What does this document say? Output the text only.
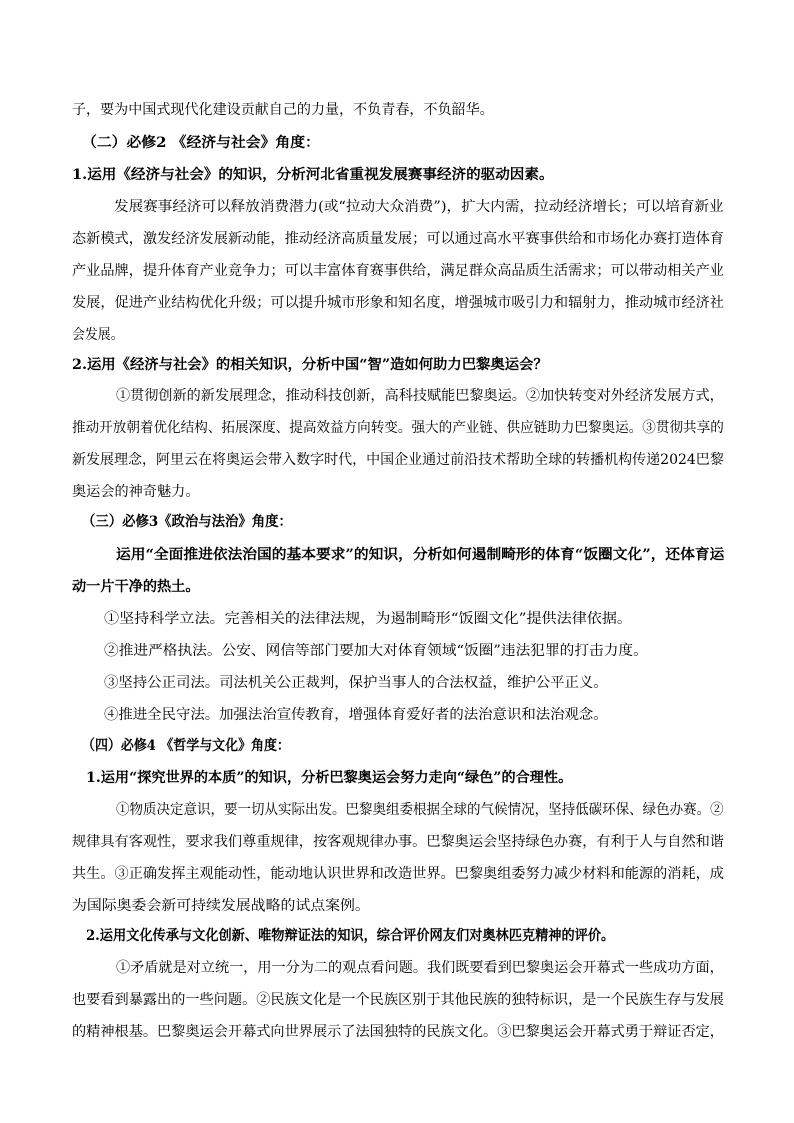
子，要为中国式现代化建设贡献自己的力量，不负青春，不负韶华。
（二）必修2 《经济与社会》角度：
1.运用《经济与社会》的知识，分析河北省重视发展赛事经济的驱动因素。
发展赛事经济可以释放消费潜力(或“拉动大众消费”)，扩大内需，拉动经济增长；可以培育新业
态新模式，激发经济发展新动能，推动经济高质量发展；可以通过高水平赛事供给和市场化办赛打造体育
产业品牌，提升体育产业竞争力；可以丰富体育赛事供给，满足群众高品质生活需求；可以带动相关产业
发展，促进产业结构优化升级；可以提升城市形象和知名度，增强城市吸引力和辐射力，推动城市经济社
会发展。
2.运用《经济与社会》的相关知识，分析中国“智”造如何助力巴黎奥运会？
①贯彻创新的新发展理念，推动科技创新，高科技赋能巴黎奥运。②加快转变对外经济发展方式，
推动开放朝着优化结构、拓展深度、提高效益方向转变。强大的产业链、供应链助力巴黎奥运。③贯彻共享的
新发展理念，阿里云在将奥运会带入数字时代，中国企业通过前沿技术帮助全球的转播机构传递2024巴黎
奥运会的神奇魅力。
（三）必修3《政治与法治》角度：
运用“全面推进依法治国的基本要求”的知识，分析如何遏制畸形的体育“饭圈文化”，还体育运
动一片干净的热土。
①坚持科学立法。完善相关的法律法规，为遏制畸形“饭圈文化”提供法律依据。
②推进严格执法。公安、网信等部门要加大对体育领域“饭圈”违法犯罪的打击力度。
③坚持公正司法。司法机关公正裁判，保护当事人的合法权益，维护公平正义。
④推进全民守法。加强法治宣传教育，增强体育爱好者的法治意识和法治观念。
（四）必修4 《哲学与文化》角度：
1.运用“探究世界的本质”的知识，分析巴黎奥运会努力走向“绿色”的合理性。
①物质决定意识，要一切从实际出发。巴黎奥组委根据全球的气候情况，坚持低碳环保、绿色办赛。②
规律具有客观性，要求我们尊重规律，按客观规律办事。巴黎奥运会坚持绿色办赛，有利于人与自然和谐
共生。③正确发挥主观能动性，能动地认识世界和改造世界。巴黎奥组委努力减少材料和能源的消耗，成
为国际奥委会新可持续发展战略的试点案例。
2.运用文化传承与文化创新、唯物辩证法的知识，综合评价网友们对奥林匹克精神的评价。
①矛盾就是对立统一，用一分为二的观点看问题。我们既要看到巴黎奥运会开幕式一些成功方面，
也要看到暴露出的一些问题。②民族文化是一个民族区别于其他民族的独特标识，是一个民族生存与发展
的精神根基。巴黎奥运会开幕式向世界展示了法国独特的民族文化。③巴黎奥运会开幕式勇于辩证否定，
